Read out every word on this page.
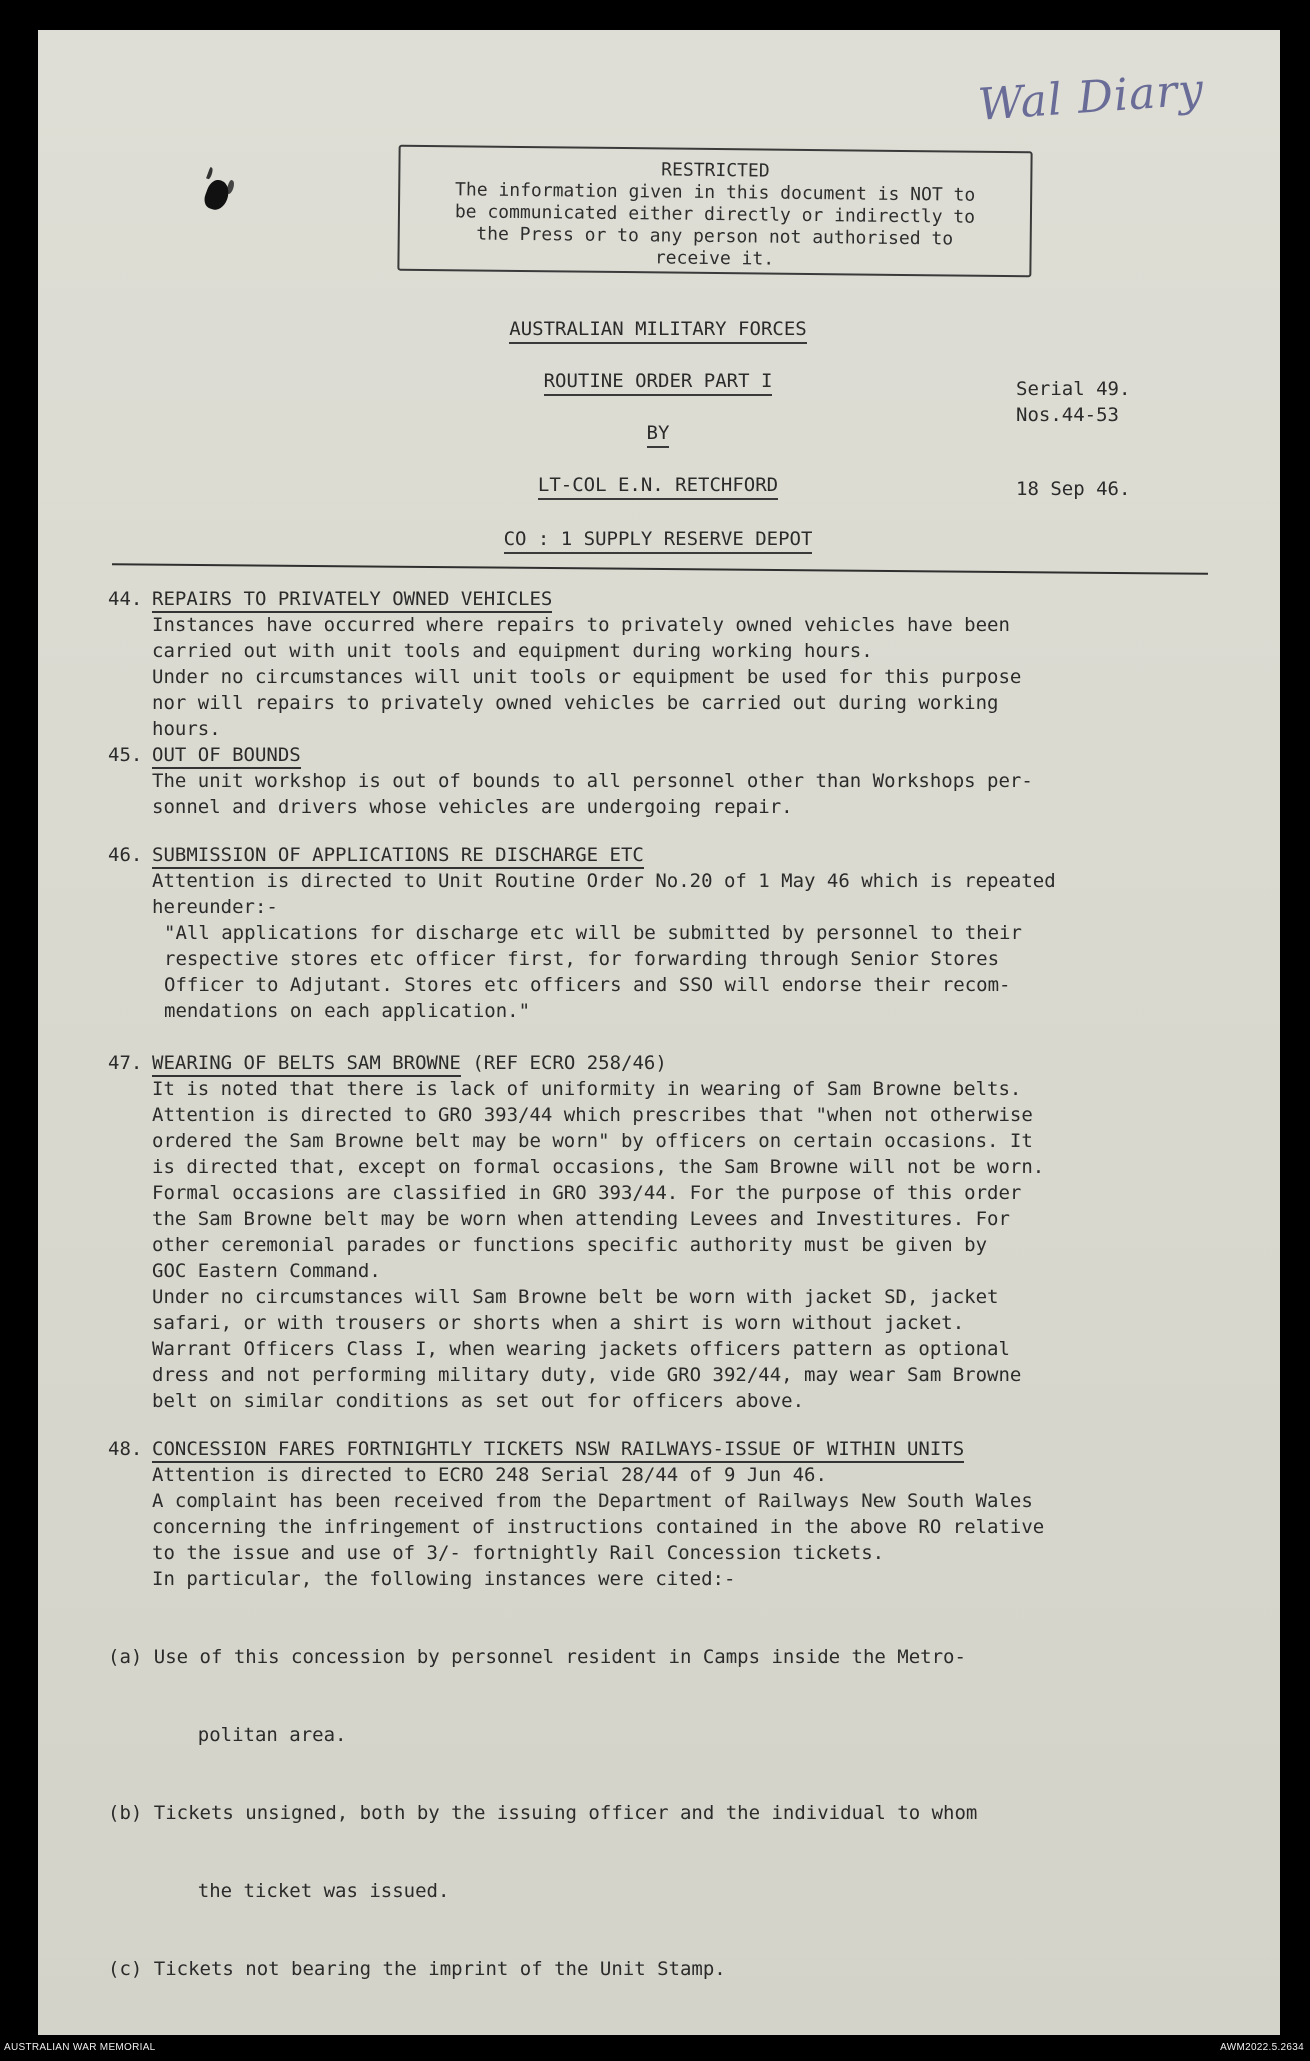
Wal Diary
RESTRICTED
The information given in this document is NOT to
be communicated either directly or indirectly to
the Press or to any person not authorised to
receive it.
AUSTRALIAN MILITARY FORCES
ROUTINE ORDER PART I
BY
LT-COL E.N. RETCHFORD
CO : 1 SUPPLY RESERVE DEPOT
Serial 49.
Nos.44-53
18 Sep 46.
44. REPAIRS TO PRIVATELY OWNED VEHICLES

Instances have occurred where repairs to privately owned vehicles have been

carried out with unit tools and equipment during working hours.

Under no circumstances will unit tools or equipment be used for this purpose

nor will repairs to privately owned vehicles be carried out during working

hours.

45. OUT OF BOUNDS

The unit workshop is out of bounds to all personnel other than Workshops per-

sonnel and drivers whose vehicles are undergoing repair.

46. SUBMISSION OF APPLICATIONS RE DISCHARGE ETC

Attention is directed to Unit Routine Order No.20 of 1 May 46 which is repeated

hereunder:-

"All applications for discharge etc will be submitted by personnel to their

respective stores etc officer first, for forwarding through Senior Stores

Officer to Adjutant. Stores etc officers and SSO will endorse their recom-

mendations on each application."

47. WEARING OF BELTS SAM BROWNE (REF ECRO 258/46)

It is noted that there is lack of uniformity in wearing of Sam Browne belts.

Attention is directed to GRO 393/44 which prescribes that "when not otherwise

ordered the Sam Browne belt may be worn" by officers on certain occasions. It

is directed that, except on formal occasions, the Sam Browne will not be worn.

Formal occasions are classified in GRO 393/44. For the purpose of this order

the Sam Browne belt may be worn when attending Levees and Investitures. For

other ceremonial parades or functions specific authority must be given by

GOC Eastern Command.

Under no circumstances will Sam Browne belt be worn with jacket SD, jacket

safari, or with trousers or shorts when a shirt is worn without jacket.

Warrant Officers Class I, when wearing jackets officers pattern as optional

dress and not performing military duty, vide GRO 392/44, may wear Sam Browne

belt on similar conditions as set out for officers above.

48. CONCESSION FARES FORTNIGHTLY TICKETS NSW RAILWAYS-ISSUE OF WITHIN UNITS

Attention is directed to ECRO 248 Serial 28/44 of 9 Jun 46.

A complaint has been received from the Department of Railways New South Wales

concerning the infringement of instructions contained in the above RO relative

to the issue and use of 3/- fortnightly Rail Concession tickets.

In particular, the following instances were cited:-

(a) Use of this concession by personnel resident in Camps inside the Metro-

politan area.

(b) Tickets unsigned, both by the issuing officer and the individual to whom

the ticket was issued.

(c) Tickets not bearing the imprint of the Unit Stamp.

AUSTRALIAN WAR MEMORIAL	AWM2022.5.2634
